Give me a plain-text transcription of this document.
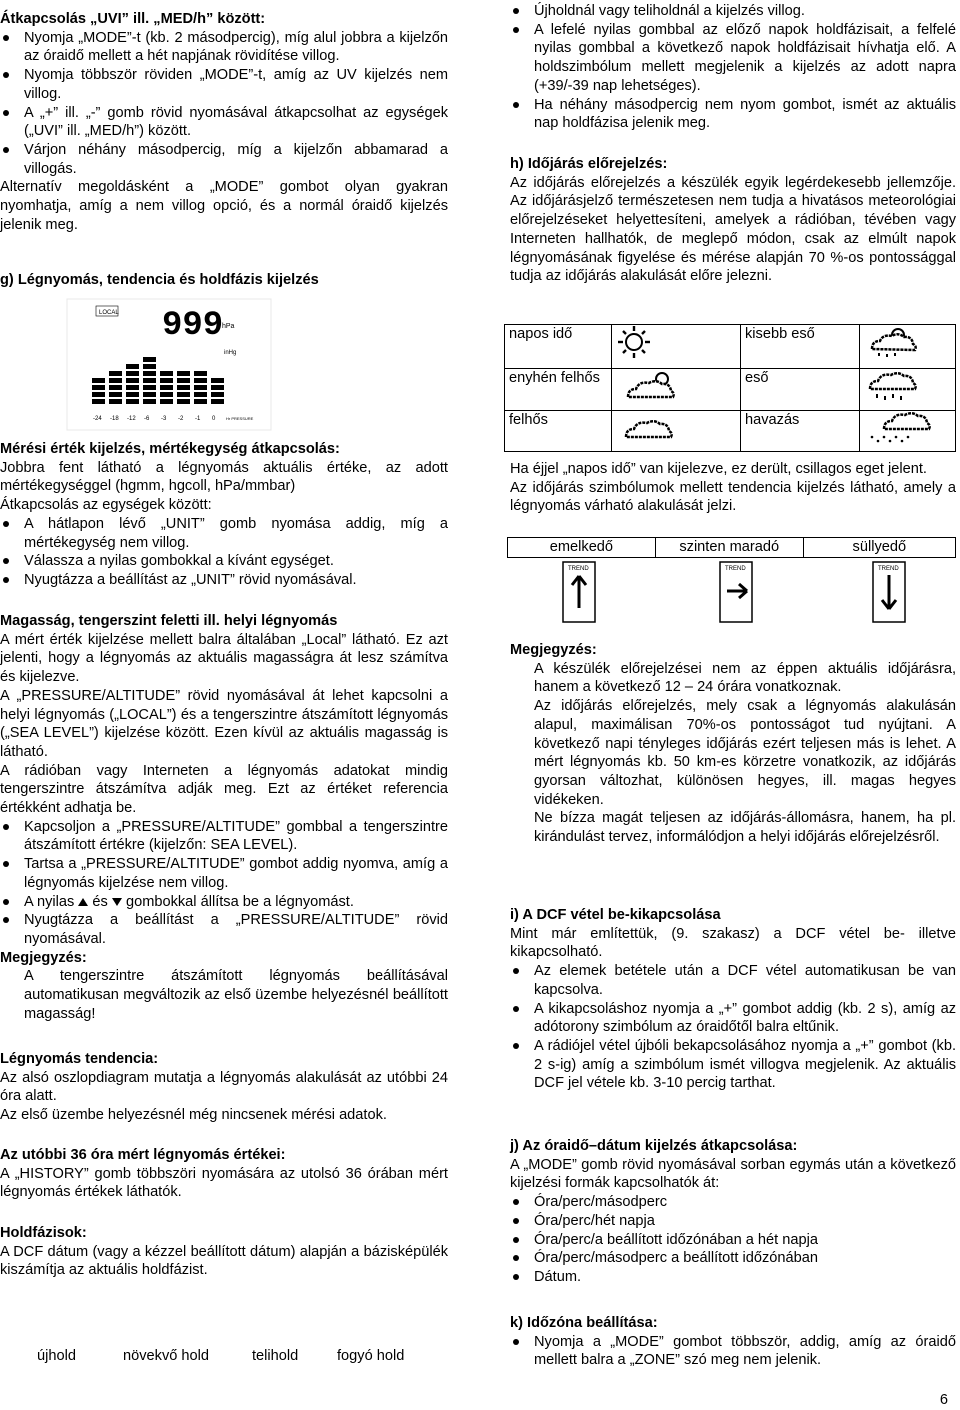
Átkapcsolás „UVI” ill. „MED/h” között:

Nyomja „MODE”-t (kb. 2 másodpercig), míg alul jobbra a kijelzőn az óraidő mellett a hét napjának rövidítése villog.
Nyomja többször röviden „MODE”-t, amíg az UV kijelzés nem villog.
A „+” ill. „-” gomb rövid nyomásával átkapcsolhat az egységek („UVI” ill. „MED/h”) között.
Várjon néhány másodpercig, míg a kijelzőn abbamarad a villogás.

Alternatív megoldásként a „MODE” gombot olyan gyakran nyomhatja, amíg a nem villog opció, és a normál óraidő kijelzés jelenik meg.

g) Légnyomás, tendencia és holdfázis kijelzés

LOCAL 999
hPa
inHg
-24 -18 -12 -6 -3 -2 -1 0	Hr PRESSURE

Mérési érték kijelzés, mértékegység átkapcsolás:

Jobbra fent látható a légnyomás aktuális értéke, az adott mértékegységgel (hgmm, hgcoll, hPa/mmbar)

Átkapcsolás az egységek között:

A hátlapon lévő „UNIT” gomb nyomása addig, míg a mértékegység nem villog.
Válassza a nyilas gombokkal a kívánt egységet.
Nyugtázza a beállítást az „UNIT” rövid nyomásával.

Magasság, tengerszint feletti ill. helyi légnyomás

A mért érték kijelzése mellett balra általában „Local” látható. Ez azt jelenti, hogy a légnyomás az aktuális magasságra át lesz számítva és kijelezve.

A „PRESSURE/ALTITUDE” rövid nyomásával át lehet kapcsolni a helyi légnyomás („LOCAL”) és a tengerszintre átszámított légnyomás („SEA LEVEL”) kijelzése között. Ezen kívül az aktuális magasság is látható.

A rádióban vagy Interneten a légnyomás adatokat mindig tengerszintre átszámítva adják meg. Ezt az értéket referencia értékként adhatja be.

Kapcsoljon a „PRESSURE/ALTITUDE” gombbal a tengerszintre átszámított értékre (kijelzőn: SEA LEVEL).
Tartsa a „PRESSURE/ALTITUDE” gombot addig nyomva, amíg a légnyomás kijelzése nem villog.
A nyilas és gombokkal állítsa be a légnyomást.
Nyugtázza a beállítást a „PRESSURE/ALTITUDE” rövid nyomásával.

Megjegyzés:

A tengerszintre átszámított légnyomás beállításával automatikusan megváltozik az első üzembe helyezésnél beállított magasság!

Légnyomás tendencia:

Az alsó oszlopdiagram mutatja a légnyomás alakulását az utóbbi 24 óra alatt.

Az első üzembe helyezésnél még nincsenek mérési adatok.

Az utóbbi 36 óra mért légnyomás értékei:

A „HISTORY” gomb többszöri nyomására az utolsó 36 órában mért légnyomás értékek láthatók.

Holdfázisok:

A DCF dátum (vagy a kézzel beállított dátum) alapján a bázisképülék kiszámítja az aktuális holdfázist.

újhold	növekvő hold	telihold	fogyó hold
Újholdnál vagy teliholdnál a kijelzés villog.
A lefelé nyilas gombbal az előző napok holdfázisait, a felfelé nyilas gombbal a következő napok holdfázisait hívhatja elő. A holdszimbólum mellett megjelenik a kijelzés az adott napra (+39/-39 nap lehetséges).
Ha néhány másodpercig nem nyom gombot, ismét az aktuális nap holdfázisa jelenik meg.

h) Időjárás előrejelzés:

Az időjárás előrejelzés a készülék egyik legérdekesebb jellemzője. Az időjárásjelző természetesen nem tudja a hivatásos meteorológiai előrejelzéseket helyettesíteni, amelyek a rádióban, tévében vagy Interneten hallhatók, de meglepő módon, csak az elmúlt napok légnyomásának figyelése és mérése alapján 70 %-os pontossággal tudja az időjárás alakulását előre jelezni.

napos idő		kisebb eső	
enyhén felhős		eső	
felhős		havazás	

Ha éjjel „napos idő” van kijelezve, ez derült, csillagos eget jelent.

Az időjárás szimbólumok mellett tendencia kijelzés látható, amely a légnyomás várható alakulását jelzi.

emelkedő	szinten maradó	süllyedő
TREND	TREND	TREND

Megjegyzés:

A készülék előrejelzései nem az éppen aktuális időjárásra, hanem a következő 12 – 24 órára vonatkoznak.

Az időjárás előrejelzés, mely csak a légnyomás alakulásán alapul, maximálisan 70%-os pontosságot tud nyújtani. A következő napi tényleges időjárás ezért teljesen más is lehet. A mért légnyomás kb. 50 km-es körzetre vonatkozik, az időjárás gyorsan változhat, különösen hegyes, ill. magas hegyes vidékeken.

Ne bízza magát teljesen az időjárás-állomásra, hanem, ha pl. kirándulást tervez, informálódjon a helyi időjárás előrejelzésről.

i) A DCF vétel be-kikapcsolása

Mint már említettük, (9. szakasz) a DCF vétel be- illetve kikapcsolható.

Az elemek betétele után a DCF vétel automatikusan be van kapcsolva.
A kikapcsoláshoz nyomja a „+” gombot addig (kb. 2 s), amíg az adótorony szimbólum az óraidőtől balra eltűnik.
A rádiójel vétel újbóli bekapcsolásához nyomja a „+” gombot (kb. 2 s-ig) amíg a szimbólum ismét villogva megjelenik. Az aktuális DCF jel vétele kb. 3-10 percig tarthat.

j) Az óraidő–dátum kijelzés átkapcsolása:

A „MODE” gomb rövid nyomásával sorban egymás után a következő kijelzési formák kapcsolhatók át:

Óra/perc/másodperc
Óra/perc/hét napja
Óra/perc/a beállított időzónában a hét napja
Óra/perc/másodperc a beállított időzónában
Dátum.

k) Időzóna beállítása:

Nyomja a „MODE” gombot többször, addig, amíg az óraidő mellett balra a „ZONE” szó meg nem jelenik.
6
